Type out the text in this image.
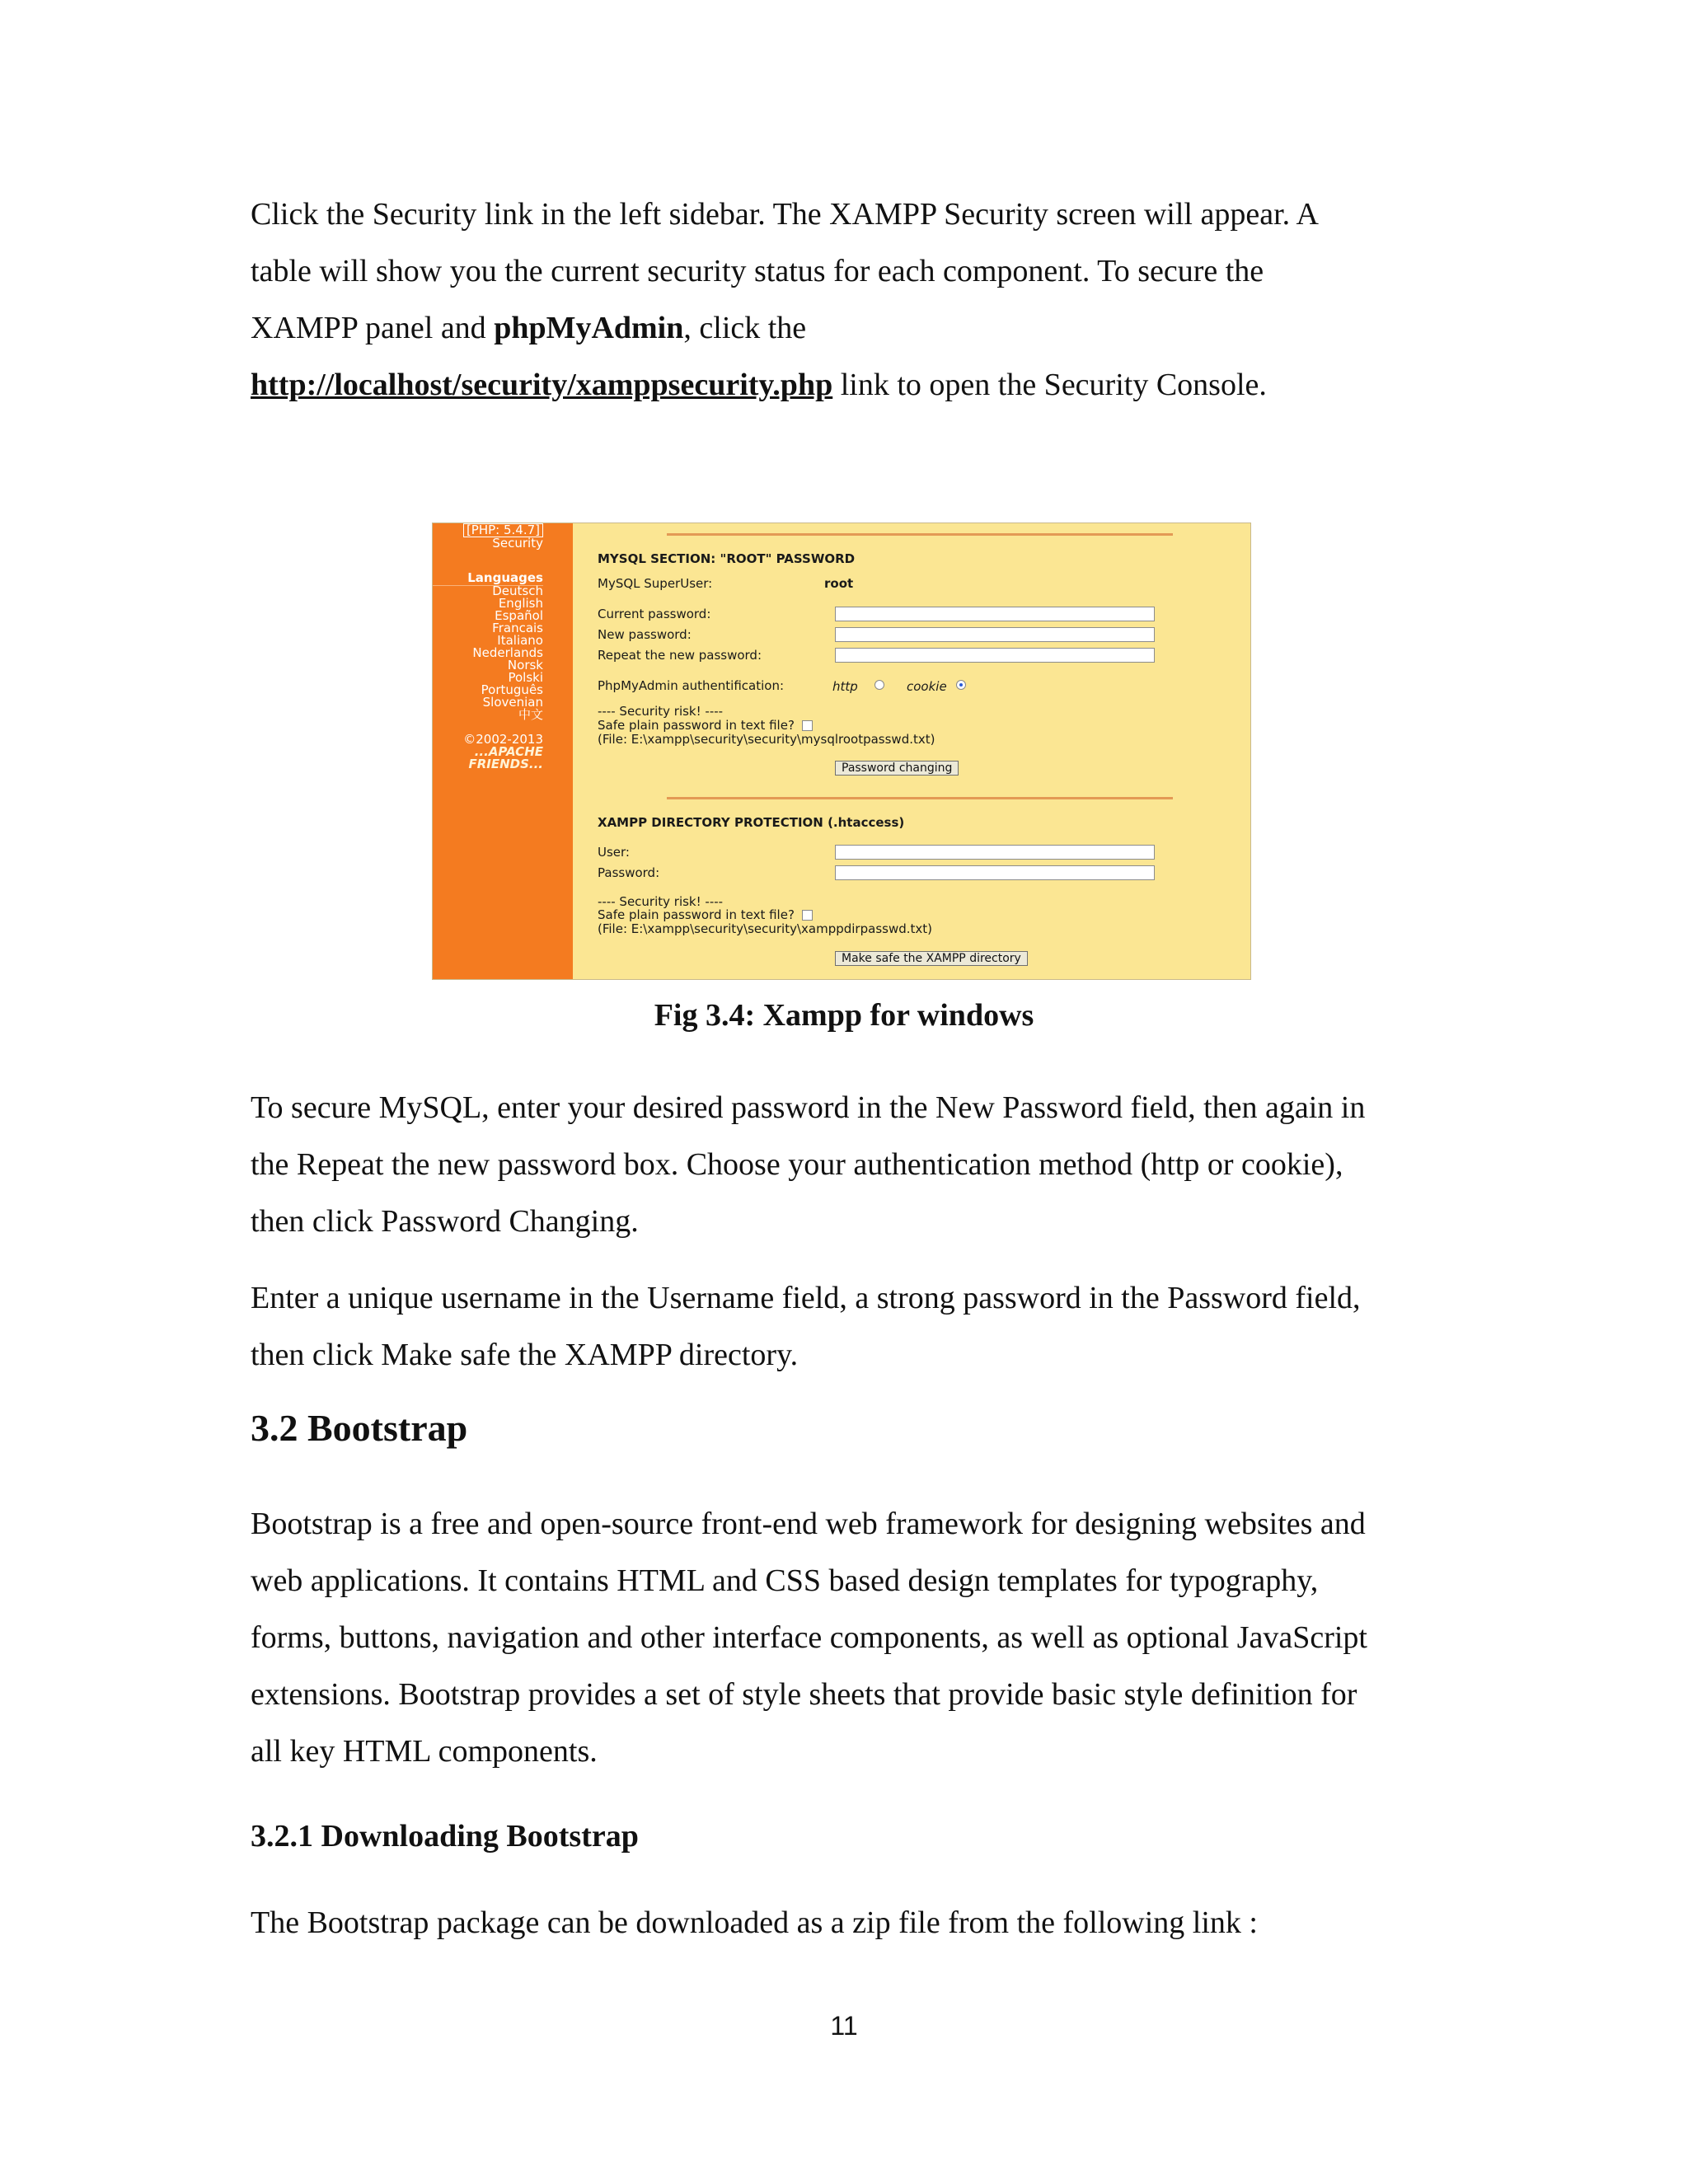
Click the Security link in the left sidebar. The XAMPP Security screen will appear. A
table will show you the current security status for each component. To secure the
XAMPP panel and phpMyAdmin, click the
http://localhost/security/xamppsecurity.php link to open the Security Console.

[PHP: 5.4.7]
Security
Languages
Deutsch
English
Español
Francais
Italiano
Nederlands
Norsk
Polski
Português
Slovenian
中文
©2002-2013
...APACHE
FRIENDS...
MYSQL SECTION: "ROOT" PASSWORD
MySQL SuperUser:	root
Current password:
New password:
Repeat the new password:
PhpMyAdmin authentification:	http	cookie
---- Security risk! ----
Safe plain password in text file?
(File: E:\xampp\security\security\mysqlrootpasswd.txt)
Password changing
XAMPP DIRECTORY PROTECTION (.htaccess)
User:
Password:
---- Security risk! ----
Safe plain password in text file?
(File: E:\xampp\security\security\xamppdirpasswd.txt)
Make safe the XAMPP directory
Fig 3.4: Xampp for windows

To secure MySQL, enter your desired password in the New Password field, then again in
the Repeat the new password box. Choose your authentication method (http or cookie),
then click Password Changing.

Enter a unique username in the Username field, a strong password in the Password field,
then click Make safe the XAMPP directory.

3.2 Bootstrap

Bootstrap is a free and open-source front-end web framework for designing websites and
web applications. It contains HTML and CSS based design templates for typography,
forms, buttons, navigation and other interface components, as well as optional JavaScript
extensions. Bootstrap provides a set of style sheets that provide basic style definition for
all key HTML components.

3.2.1 Downloading Bootstrap

The Bootstrap package can be downloaded as a zip file from the following link :

11
